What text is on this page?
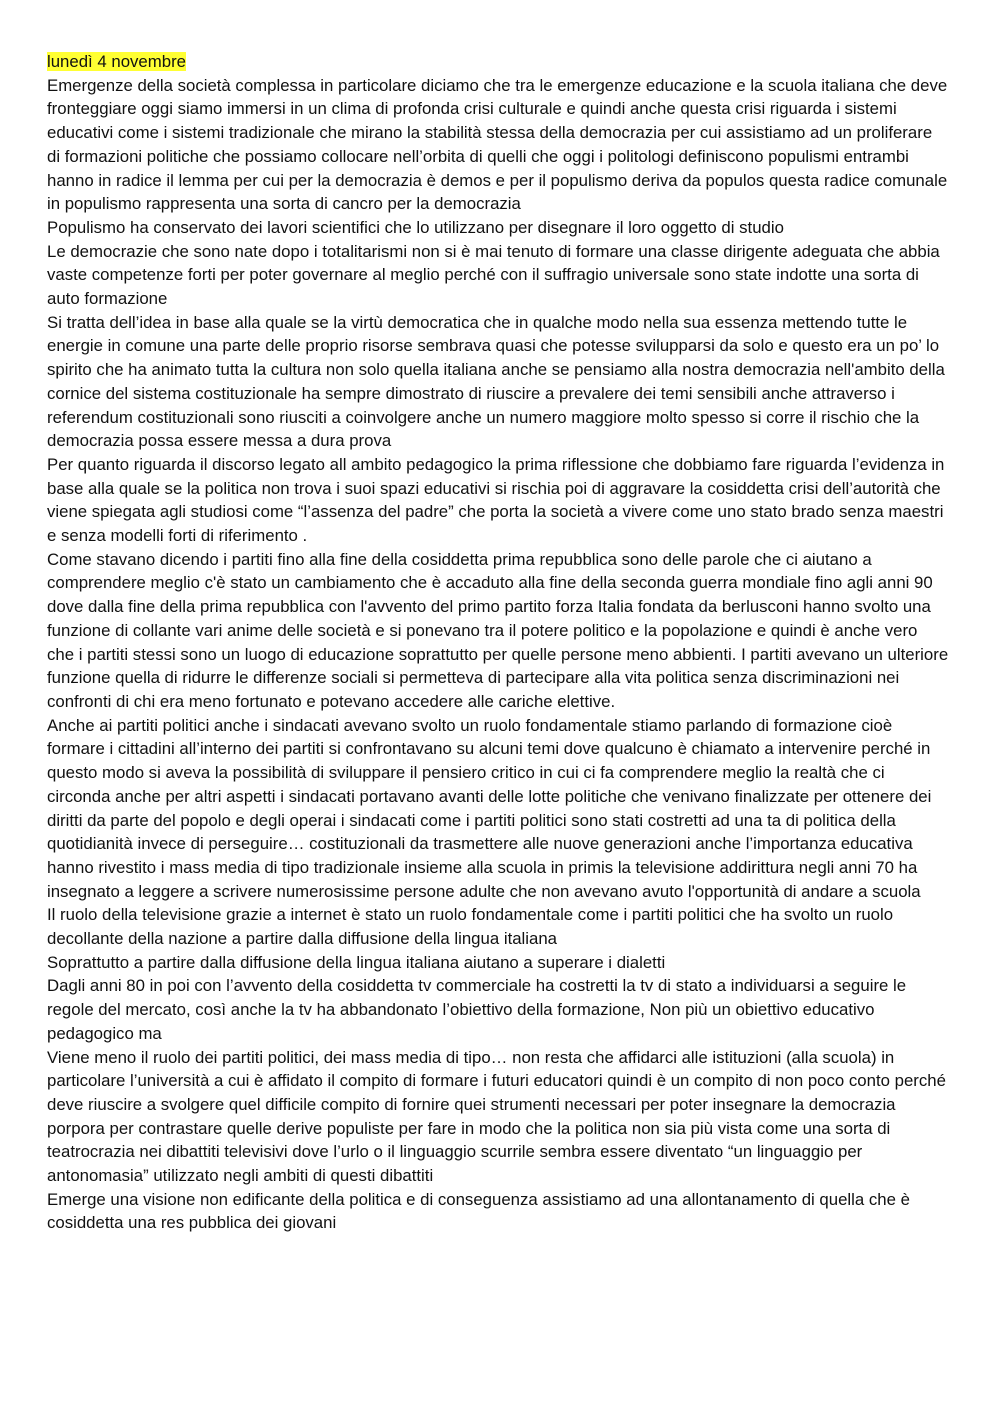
lunedì 4 novembre

Emergenze della società complessa in particolare diciamo che tra le emergenze educazione e la scuola italiana che deve fronteggiare oggi siamo immersi in un clima di profonda crisi culturale e quindi anche questa crisi riguarda i sistemi educativi come i sistemi tradizionale che mirano la stabilità stessa della democrazia per cui assistiamo ad un proliferare di formazioni politiche che possiamo collocare nell’orbita di quelli che oggi i politologi definiscono populismi entrambi hanno in radice il lemma per cui per la democrazia è demos e per il populismo deriva da populos questa radice comunale in populismo rappresenta una sorta di cancro per la democrazia

Populismo ha conservato dei lavori scientifici che lo utilizzano per disegnare il loro oggetto di studio

Le democrazie che sono nate dopo i totalitarismi non si è mai tenuto di formare una classe dirigente adeguata che abbia vaste competenze forti per poter governare al meglio perché con il suffragio universale sono state indotte una sorta di auto formazione

Si tratta dell’idea in base alla quale se la virtù democratica che in qualche modo nella sua essenza mettendo tutte le energie in comune una parte delle proprio risorse sembrava quasi che potesse svilupparsi da solo e questo era un po’ lo spirito che ha animato tutta la cultura non solo quella italiana anche se pensiamo alla nostra democrazia nell'ambito della cornice del sistema costituzionale ha sempre dimostrato di riuscire a prevalere dei temi sensibili anche attraverso i referendum costituzionali sono riusciti a coinvolgere anche un numero maggiore molto spesso si corre il rischio che la democrazia possa essere messa a dura prova

Per quanto riguarda il discorso legato all ambito pedagogico la prima riflessione che dobbiamo fare riguarda l’evidenza in base alla quale se la politica non trova i suoi spazi educativi si rischia poi di aggravare la cosiddetta crisi dell’autorità che viene spiegata agli studiosi come “l’assenza del padre” che porta la società a vivere come uno stato brado senza maestri e senza modelli forti di riferimento .

Come stavano dicendo i partiti fino alla fine della cosiddetta prima repubblica sono delle parole che ci aiutano a comprendere meglio c'è stato un cambiamento che è accaduto alla fine della seconda guerra mondiale fino agli anni 90 dove dalla fine della prima repubblica con l'avvento del primo partito forza Italia fondata da berlusconi hanno svolto una funzione di collante vari anime delle società e si ponevano tra il potere politico e la popolazione e quindi è anche vero che i partiti stessi sono un luogo di educazione soprattutto per quelle persone meno abbienti. I partiti avevano un ulteriore funzione quella di ridurre le differenze sociali si permetteva di partecipare alla vita politica senza discriminazioni nei confronti di chi era meno fortunato e potevano accedere alle cariche elettive.

Anche ai partiti politici anche i sindacati avevano svolto un ruolo fondamentale stiamo parlando di formazione cioè formare i cittadini all’interno dei partiti si confrontavano su alcuni temi dove qualcuno è chiamato a intervenire perché in questo modo si aveva la possibilità di sviluppare il pensiero critico in cui ci fa comprendere meglio la realtà che ci circonda anche per altri aspetti i sindacati portavano avanti delle lotte politiche che venivano finalizzate per ottenere dei diritti da parte del popolo e degli operai i sindacati come i partiti politici sono stati costretti ad una ta di politica della quotidianità invece di perseguire… costituzionali da trasmettere alle nuove generazioni anche l’importanza educativa hanno rivestito i mass media di tipo tradizionale insieme alla scuola in primis la televisione addirittura negli anni 70 ha insegnato a leggere a scrivere numerosissime persone adulte che non avevano avuto l'opportunità di andare a scuola

Il ruolo della televisione grazie a internet è stato un ruolo fondamentale come i partiti politici che ha svolto un ruolo decollante della nazione a partire dalla diffusione della lingua italiana

Soprattutto a partire dalla diffusione della lingua italiana aiutano a superare i dialetti

Dagli anni 80 in poi con l’avvento della cosiddetta tv commerciale ha costretti la tv di stato a individuarsi a seguire le regole del mercato, così anche la tv ha abbandonato l’obiettivo della formazione, Non più un obiettivo educativo pedagogico ma

Viene meno il ruolo dei partiti politici, dei mass media di tipo… non resta che affidarci alle istituzioni (alla scuola) in particolare l’università a cui è affidato il compito di formare i futuri educatori quindi è un compito di non poco conto perché deve riuscire a svolgere quel difficile compito di fornire quei strumenti necessari per poter insegnare la democrazia porpora per contrastare quelle derive populiste per fare in modo che la politica non sia più vista come una sorta di teatrocrazia nei dibattiti televisivi dove l’urlo o il linguaggio scurrile sembra essere diventato “un linguaggio per antonomasia” utilizzato negli ambiti di questi dibattiti

Emerge una visione non edificante della politica e di conseguenza assistiamo ad una allontanamento di quella che è cosiddetta una res pubblica dei giovani
